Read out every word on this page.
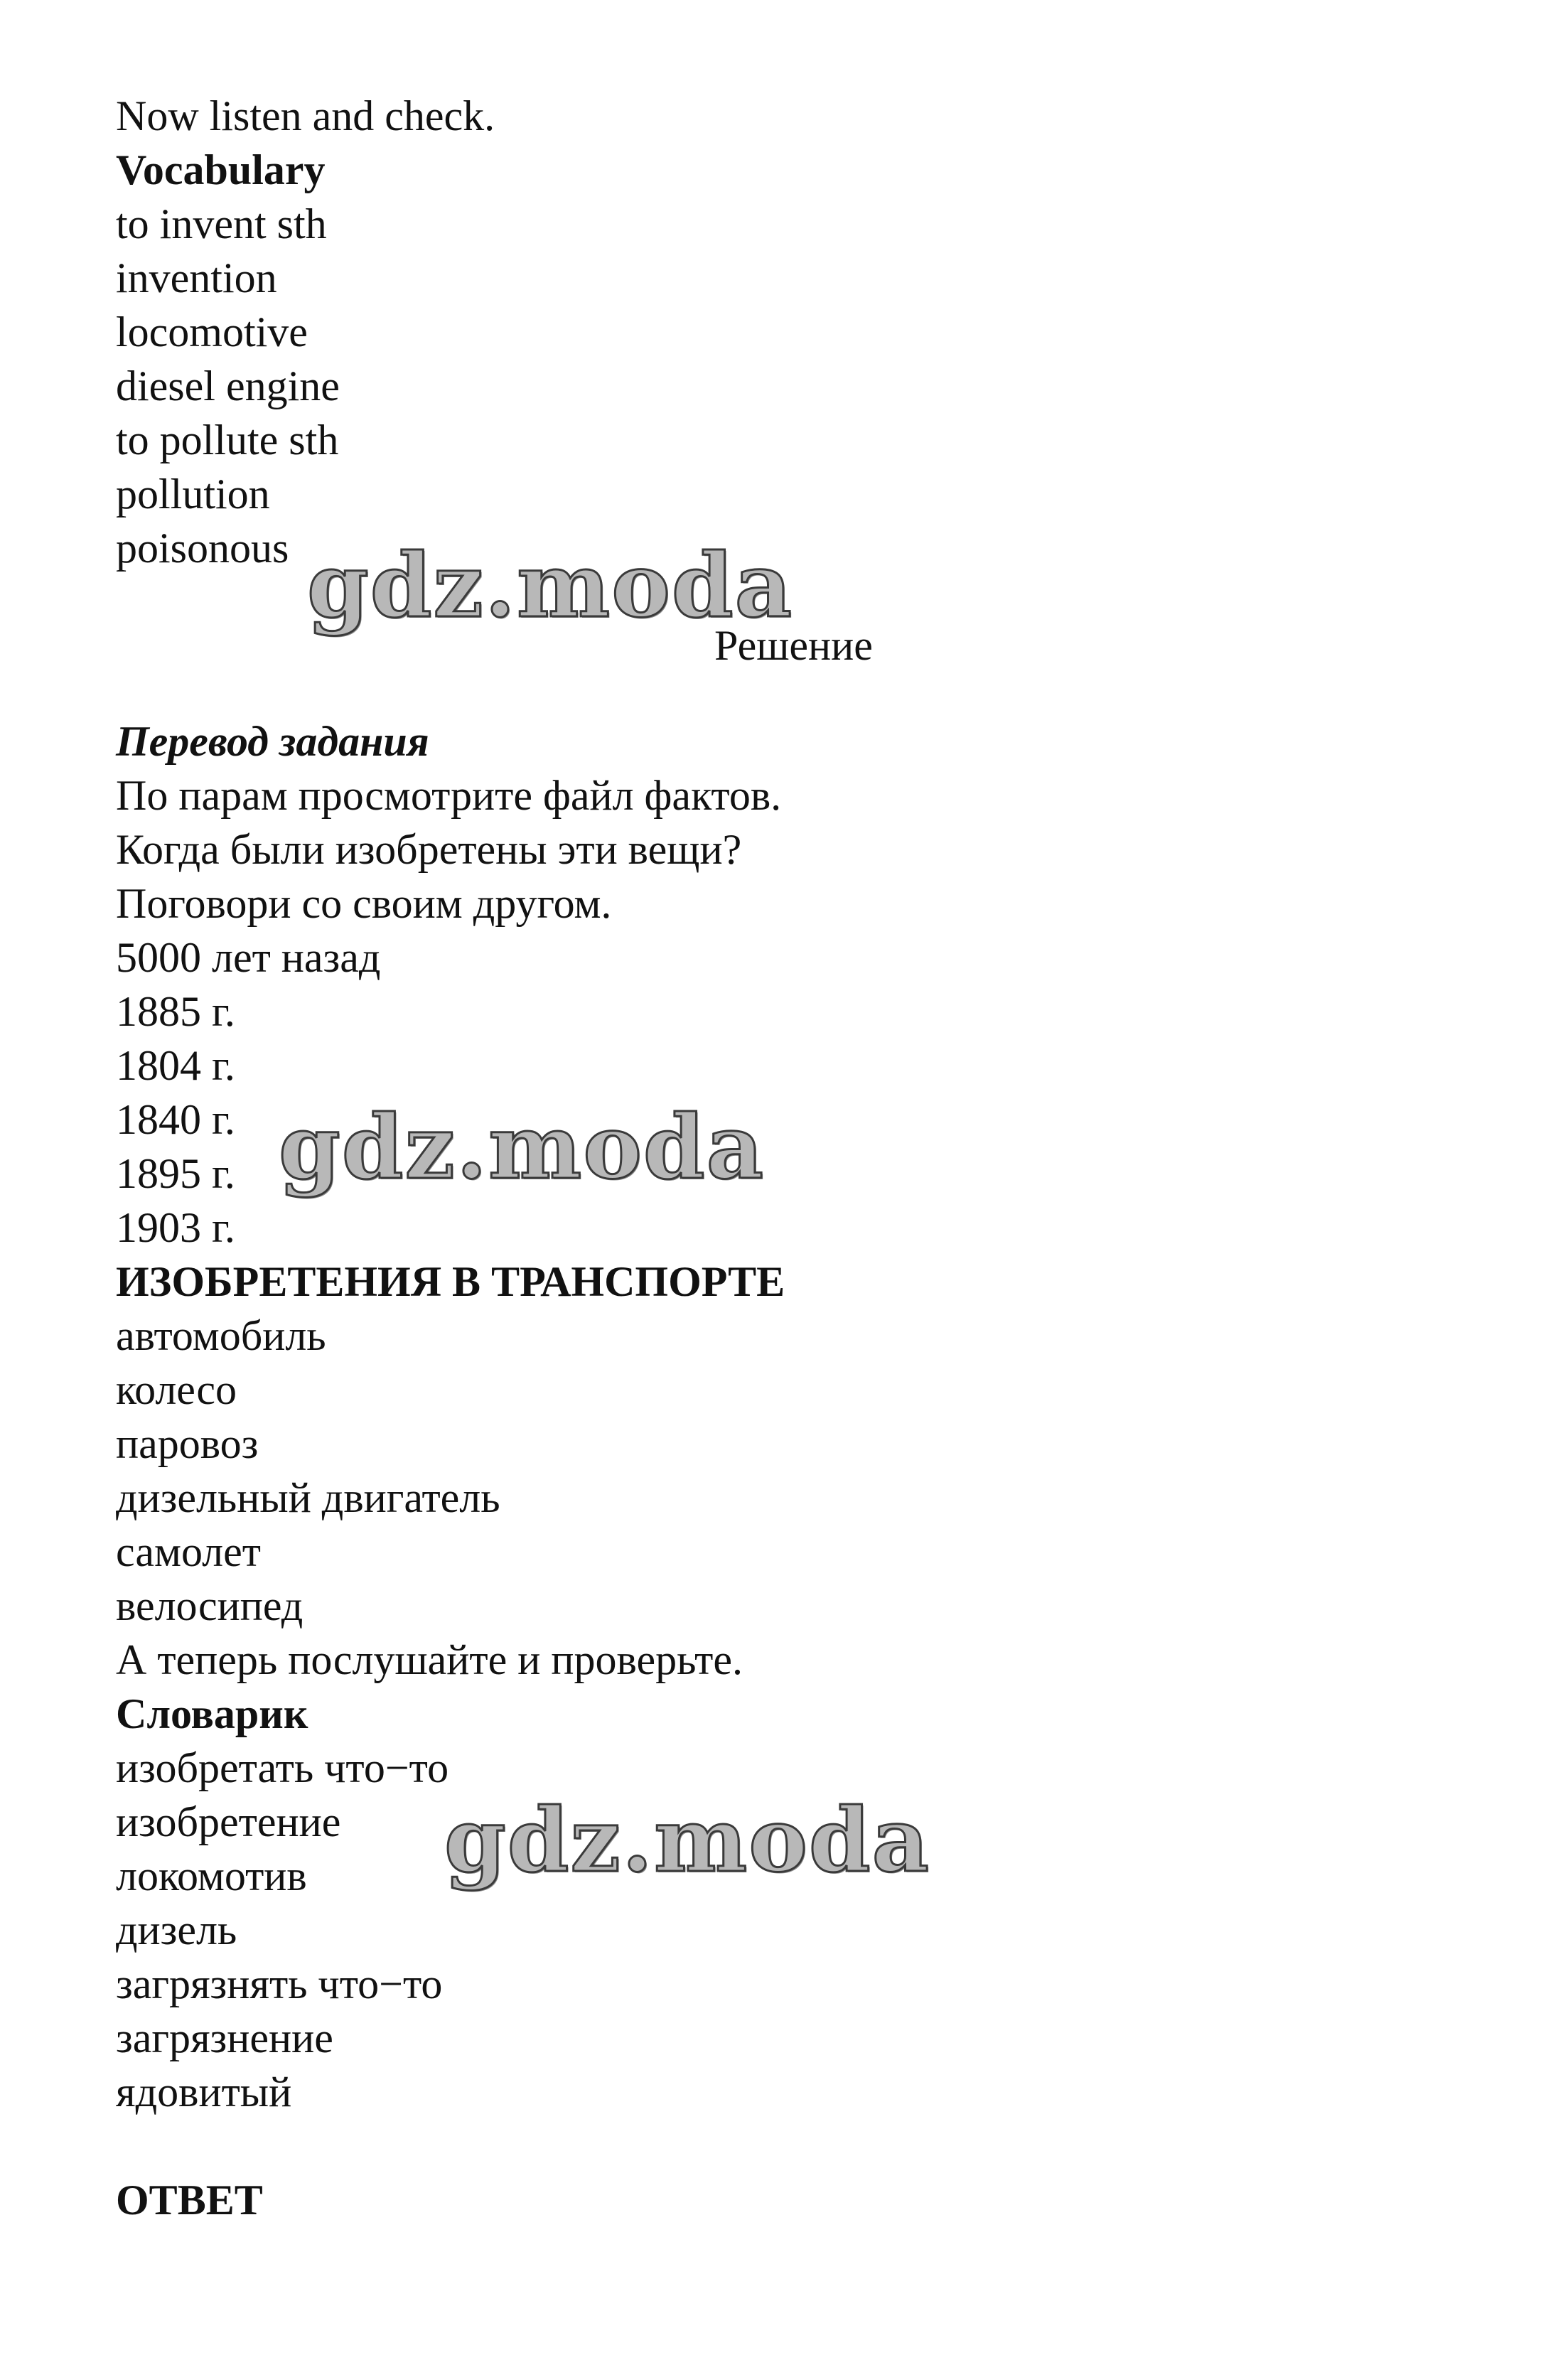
Now listen and check.

Vocabulary

to invent sth

invention

locomotive

diesel engine

to pollute sth

pollution

poisonous gdz.moda
Решение

Перевод задания

По парам просмотрите файл фактов.

Когда были изобретены эти вещи?

Поговори со своим другом.

5000 лет назад

1885 г.

1804 г.

1840 г.

1895 г.

1903 г.

gdz.moda

ИЗОБРЕТЕНИЯ В ТРАНСПОРТЕ

автомобиль

колесо

паровоз

дизельный двигатель

самолет

велосипед

А теперь послушайте и проверьте.

Словарик

изобретать что−то

изобретение

локомотив

дизель

загрязнять что−то

загрязнение

ядовитый

gdz.moda

ОТВЕТ
